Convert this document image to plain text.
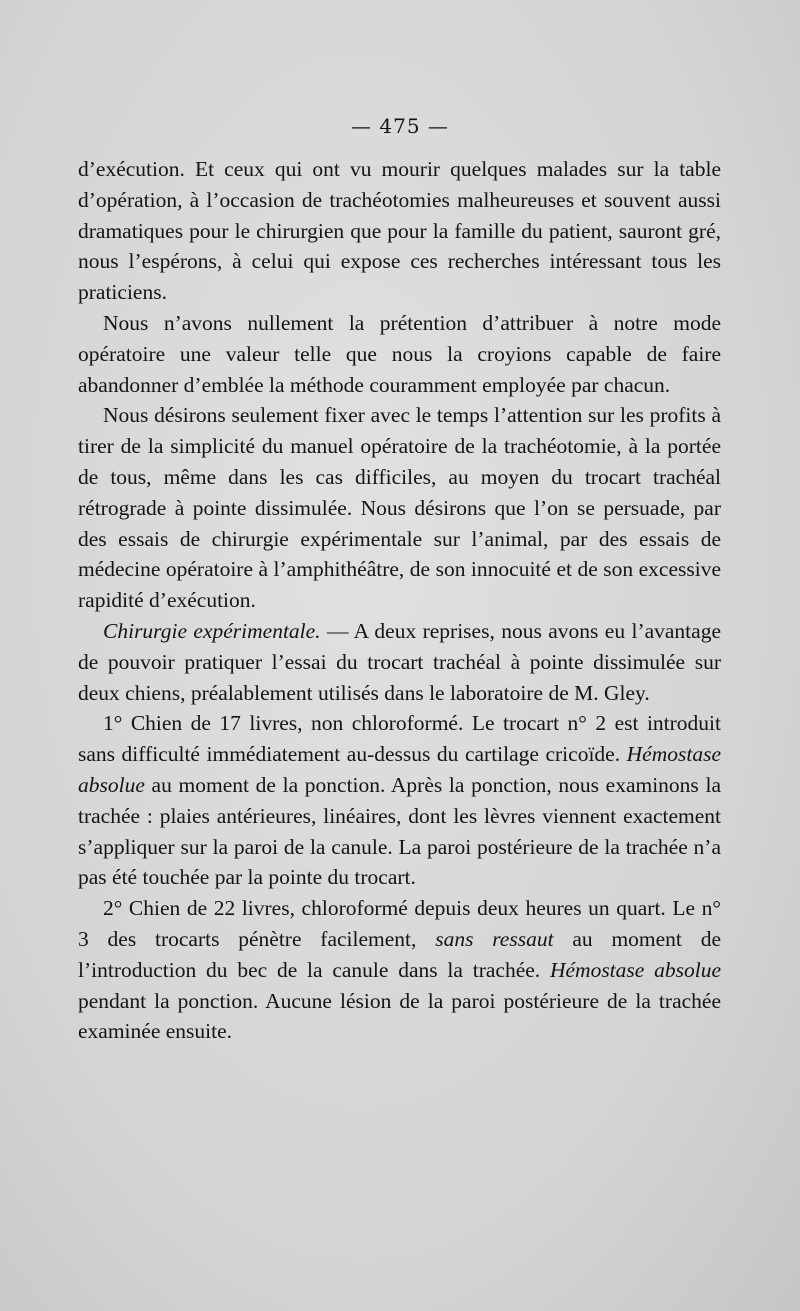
— 475 —

d’exécution. Et ceux qui ont vu mourir quelques malades sur la table d’opération, à l’occasion de trachéotomies malheureuses et souvent aussi dramatiques pour le chirurgien que pour la famille du patient, sauront gré, nous l’espérons, à celui qui expose ces recherches intéressant tous les praticiens.

Nous n’avons nullement la prétention d’attribuer à notre mode opératoire une valeur telle que nous la croyions capable de faire abandonner d’emblée la méthode couramment employée par chacun.

Nous désirons seulement fixer avec le temps l’attention sur les profits à tirer de la simplicité du manuel opératoire de la trachéotomie, à la portée de tous, même dans les cas difficiles, au moyen du trocart trachéal rétrograde à pointe dissimulée. Nous désirons que l’on se persuade, par des essais de chirurgie expérimentale sur l’animal, par des essais de médecine opératoire à l’amphithéâtre, de son innocuité et de son excessive rapidité d’exécution.

Chirurgie expérimentale. — A deux reprises, nous avons eu l’avantage de pouvoir pratiquer l’essai du trocart trachéal à pointe dissimulée sur deux chiens, préalablement utilisés dans le laboratoire de M. Gley.

1° Chien de 17 livres, non chloroformé. Le trocart n° 2 est introduit sans difficulté immédiatement au-dessus du cartilage cricoïde. Hémostase absolue au moment de la ponction. Après la ponction, nous examinons la trachée : plaies antérieures, linéaires, dont les lèvres viennent exactement s’appliquer sur la paroi de la canule. La paroi postérieure de la trachée n’a pas été touchée par la pointe du trocart.

2° Chien de 22 livres, chloroformé depuis deux heures un quart. Le n° 3 des trocarts pénètre facilement, sans ressaut au moment de l’introduction du bec de la canule dans la trachée. Hémostase absolue pendant la ponction. Aucune lésion de la paroi postérieure de la trachée examinée ensuite.
